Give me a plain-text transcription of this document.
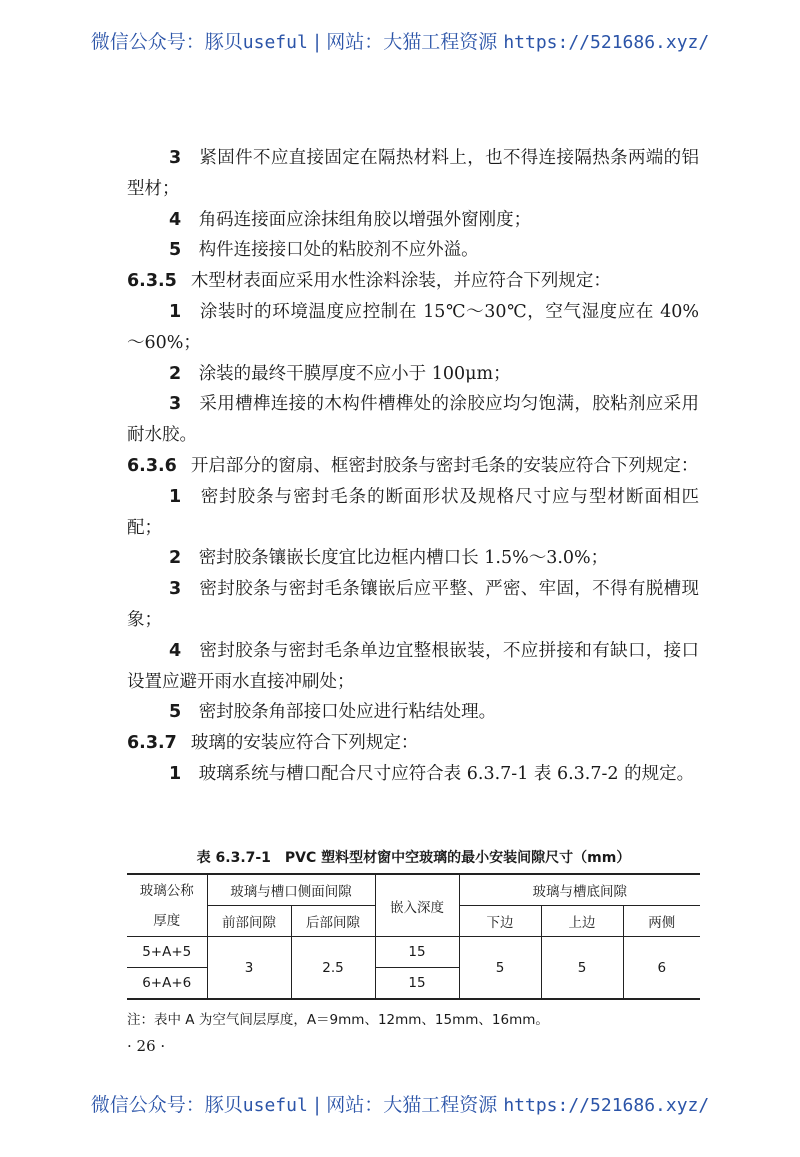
微信公众号：豚贝useful | 网站：大猫工程资源 https://521686.xyz/

3　 紧固件不应直接固定在隔热材料上，也不得连接隔热条两端的铝型材；

4　 角码连接面应涂抹组角胶以增强外窗刚度；

5　 构件连接接口处的粘胶剂不应外溢。

6.3.5 木型材表面应采用水性涂料涂装，并应符合下列规定：

1　 涂装时的环境温度应控制在 15℃～30℃，空气湿度应在 40%～60%；

2　 涂装的最终干膜厚度不应小于 100μm；

3　 采用槽榫连接的木构件槽榫处的涂胶应均匀饱满，胶粘剂应采用耐水胶。

6.3.6 开启部分的窗扇、框密封胶条与密封毛条的安装应符合下列规定：

1　 密封胶条与密封毛条的断面形状及规格尺寸应与型材断面相匹配；

2　 密封胶条镶嵌长度宜比边框内槽口长 1.5%～3.0%；

3　 密封胶条与密封毛条镶嵌后应平整、严密、牢固，不得有脱槽现象；

4　 密封胶条与密封毛条单边宜整根嵌装，不应拼接和有缺口，接口设置应避开雨水直接冲刷处；

5　 密封胶条角部接口处应进行粘结处理。

6.3.7 玻璃的安装应符合下列规定：

1　 玻璃系统与槽口配合尺寸应符合表 6.3.7-1 表 6.3.7-2 的规定。

表 6.3.7-1　PVC 塑料型材窗中空玻璃的最小安装间隙尺寸（mm）
玻璃公称厚度	玻璃与槽口侧面间隙		嵌入深度	玻璃与槽底间隙		
	前部间隙	后部间隙		下边	上边	两侧
5+A+5	3	2.5	15	5	5	6
6+A+6			15			
注：表中 A 为空气间层厚度，A＝9mm、12mm、15mm、16mm。
· 26 ·
微信公众号：豚贝useful | 网站：大猫工程资源 https://521686.xyz/
